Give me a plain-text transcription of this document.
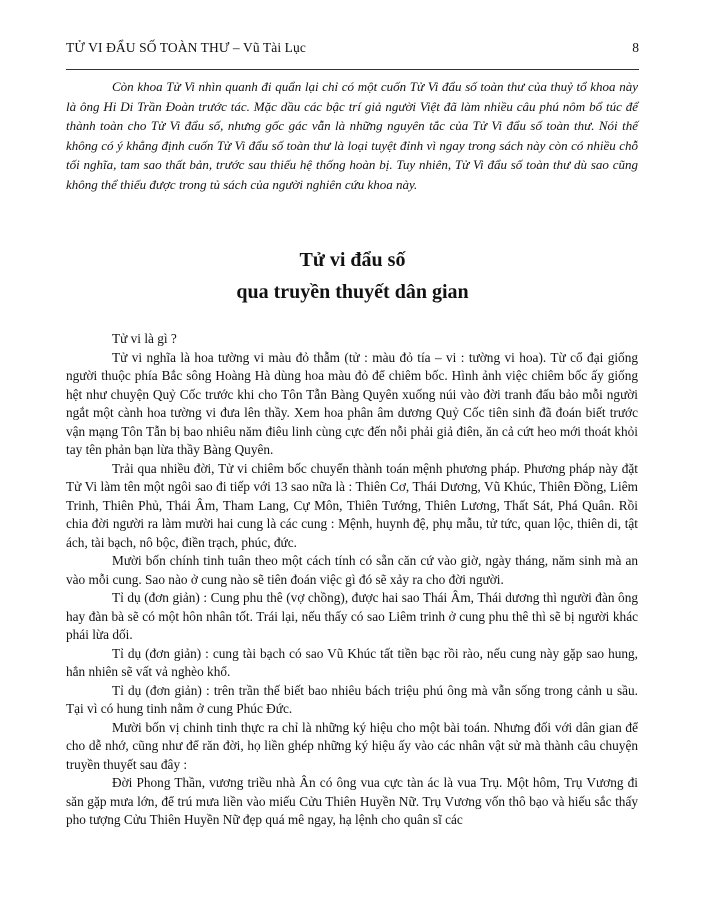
TỬ VI ĐẨU SỐ TOÀN THƯ – Vũ Tài Lục	8

Còn khoa Tử Vi nhìn quanh đi quẩn lại chỉ có một cuốn Tử Vi đẩu số toàn thư của thuỷ tổ khoa này là ông Hi Di Trần Đoàn trước tác. Mặc dầu các bậc trí giả người Việt đã làm nhiều câu phú nôm bổ túc để thành toàn cho Tử Vi đẩu số, nhưng gốc gác vẫn là những nguyên tắc của Tử Vi đẩu số toàn thư. Nói thế không có ý khẳng định cuốn Tử Vi đẩu số toàn thư là loại tuyệt đỉnh vì ngay trong sách này còn có nhiều chỗ tối nghĩa, tam sao thất bản, trước sau thiếu hệ thống hoàn bị. Tuy nhiên, Tử Vi đẩu số toàn thư dù sao cũng không thể thiếu được trong tủ sách của người nghiên cứu khoa này.

Tử vi đẩu số
qua truyền thuyết dân gian

Tử vi là gì ?

Tử vi nghĩa là hoa tường vi màu đỏ thẫm (tử : màu đỏ tía – vi : tường vi hoa). Từ cổ đại giống người thuộc phía Bắc sông Hoàng Hà dùng hoa màu đỏ để chiêm bốc. Hình ảnh việc chiêm bốc ấy giống hệt như chuyện Quỷ Cốc trước khi cho Tôn Tẫn Bàng Quyên xuống núi vào đời tranh đấu bảo mỗi người ngắt một cành hoa tường vi đưa lên thầy. Xem hoa phân âm dương Quỷ Cốc tiên sinh đã đoán biết trước vận mạng Tôn Tẫn bị bao nhiêu năm điêu linh cùng cực đến nỗi phải giả điên, ăn cả cứt heo mới thoát khỏi tay tên phản bạn lừa thầy Bàng Quyên.

Trải qua nhiều đời, Tử vi chiêm bốc chuyển thành toán mệnh phương pháp. Phương pháp này đặt Tử Vi làm tên một ngôi sao đi tiếp với 13 sao nữa là : Thiên Cơ, Thái Dương, Vũ Khúc, Thiên Đồng, Liêm Trinh, Thiên Phủ, Thái Âm, Tham Lang, Cự Môn, Thiên Tướng, Thiên Lương, Thất Sát, Phá Quân. Rồi chia đời người ra làm mười hai cung là các cung : Mệnh, huynh đệ, phụ mẫu, tử tức, quan lộc, thiên di, tật ách, tài bạch, nô bộc, điền trạch, phúc, đức.

Mười bốn chính tinh tuân theo một cách tính có sẵn căn cứ vào giờ, ngày tháng, năm sinh mà an vào mỗi cung. Sao nào ở cung nào sẽ tiên đoán việc gì đó sẽ xảy ra cho đời người.

Tỉ dụ (đơn giản) : Cung phu thê (vợ chồng), được hai sao Thái Âm, Thái dương thì người đàn ông hay đàn bà sẽ có một hôn nhân tốt. Trái lại, nếu thấy có sao Liêm trinh ở cung phu thê thì sẽ bị người khác phái lừa dối.

Tỉ dụ (đơn giản) : cung tài bạch có sao Vũ Khúc tất tiền bạc rồi rào, nếu cung này gặp sao hung, hẳn nhiên sẽ vất vả nghèo khổ.

Tỉ dụ (đơn giản) : trên trần thế biết bao nhiêu bách triệu phú ông mà vẫn sống trong cảnh u sầu. Tại vì có hung tinh nằm ở cung Phúc Đức.

Mười bốn vị chinh tinh thực ra chỉ là những ký hiệu cho một bài toán. Nhưng đối với dân gian để cho dễ nhớ, cũng như để răn đời, họ liền ghép những ký hiệu ấy vào các nhân vật sử mà thành câu chuyện truyền thuyết sau đây :

Đời Phong Thần, vương triều nhà Ân có ông vua cực tàn ác là vua Trụ. Một hôm, Trụ Vương đi săn gặp mưa lớn, để trú mưa liền vào miếu Cửu Thiên Huyền Nữ. Trụ Vương vốn thô bạo và hiếu sắc thấy pho tượng Cửu Thiên Huyền Nữ đẹp quá mê ngay, hạ lệnh cho quân sĩ các
